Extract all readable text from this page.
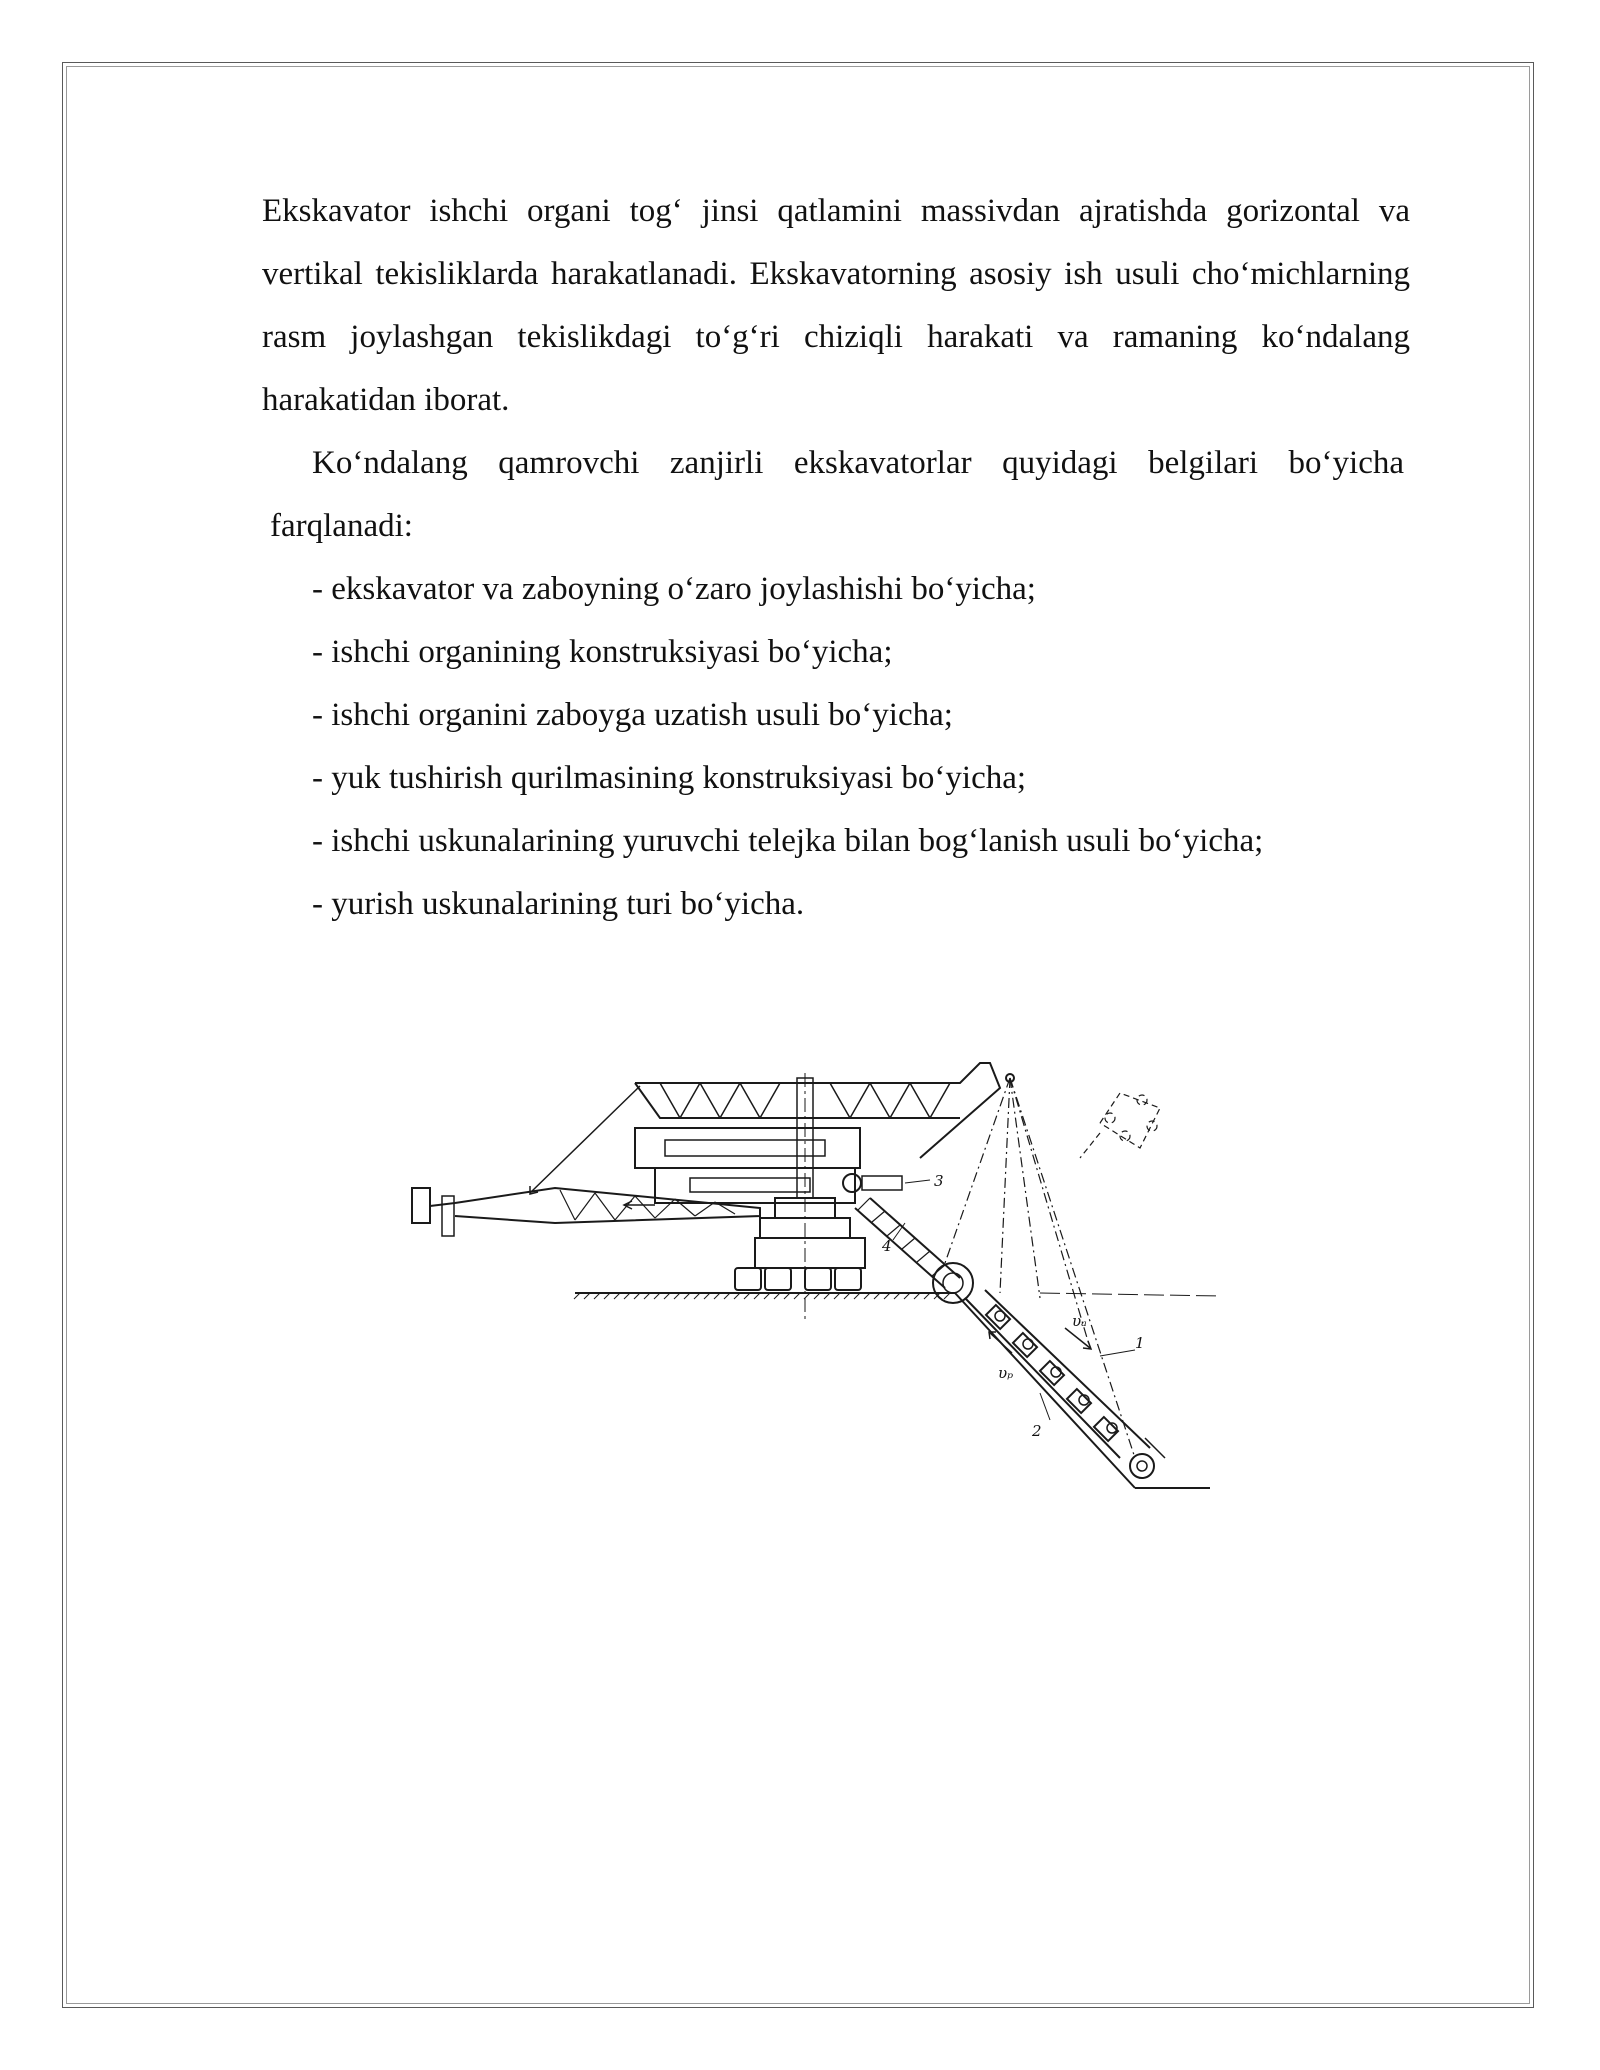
Ekskavator ishchi organi tog‘ jinsi qatlamini massivdan ajratishda gorizontal va vertikal tekisliklarda harakatlanadi. Ekskavatorning asosiy ish usuli cho‘michlarning rasm joylashgan tekislikdagi to‘g‘ri chiziqli harakati va ramaning ko‘ndalang harakatidan iborat.

Ko‘ndalang qamrovchi zanjirli ekskavatorlar quyidagi belgilari bo‘yicha

farqlanadi:

- ekskavator va zaboyning o‘zaro joylashishi bo‘yicha;
- ishchi organining konstruksiyasi bo‘yicha;
- ishchi organini zaboyga uzatish usuli bo‘yicha;
- yuk tushirish qurilmasining konstruksiyasi bo‘yicha;
- ishchi uskunalarining yuruvchi telejka bilan bog‘lanish usuli bo‘yicha;
- yurish uskunalarining turi bo‘yicha.
1
2
3
4
υₐ
υₚ
